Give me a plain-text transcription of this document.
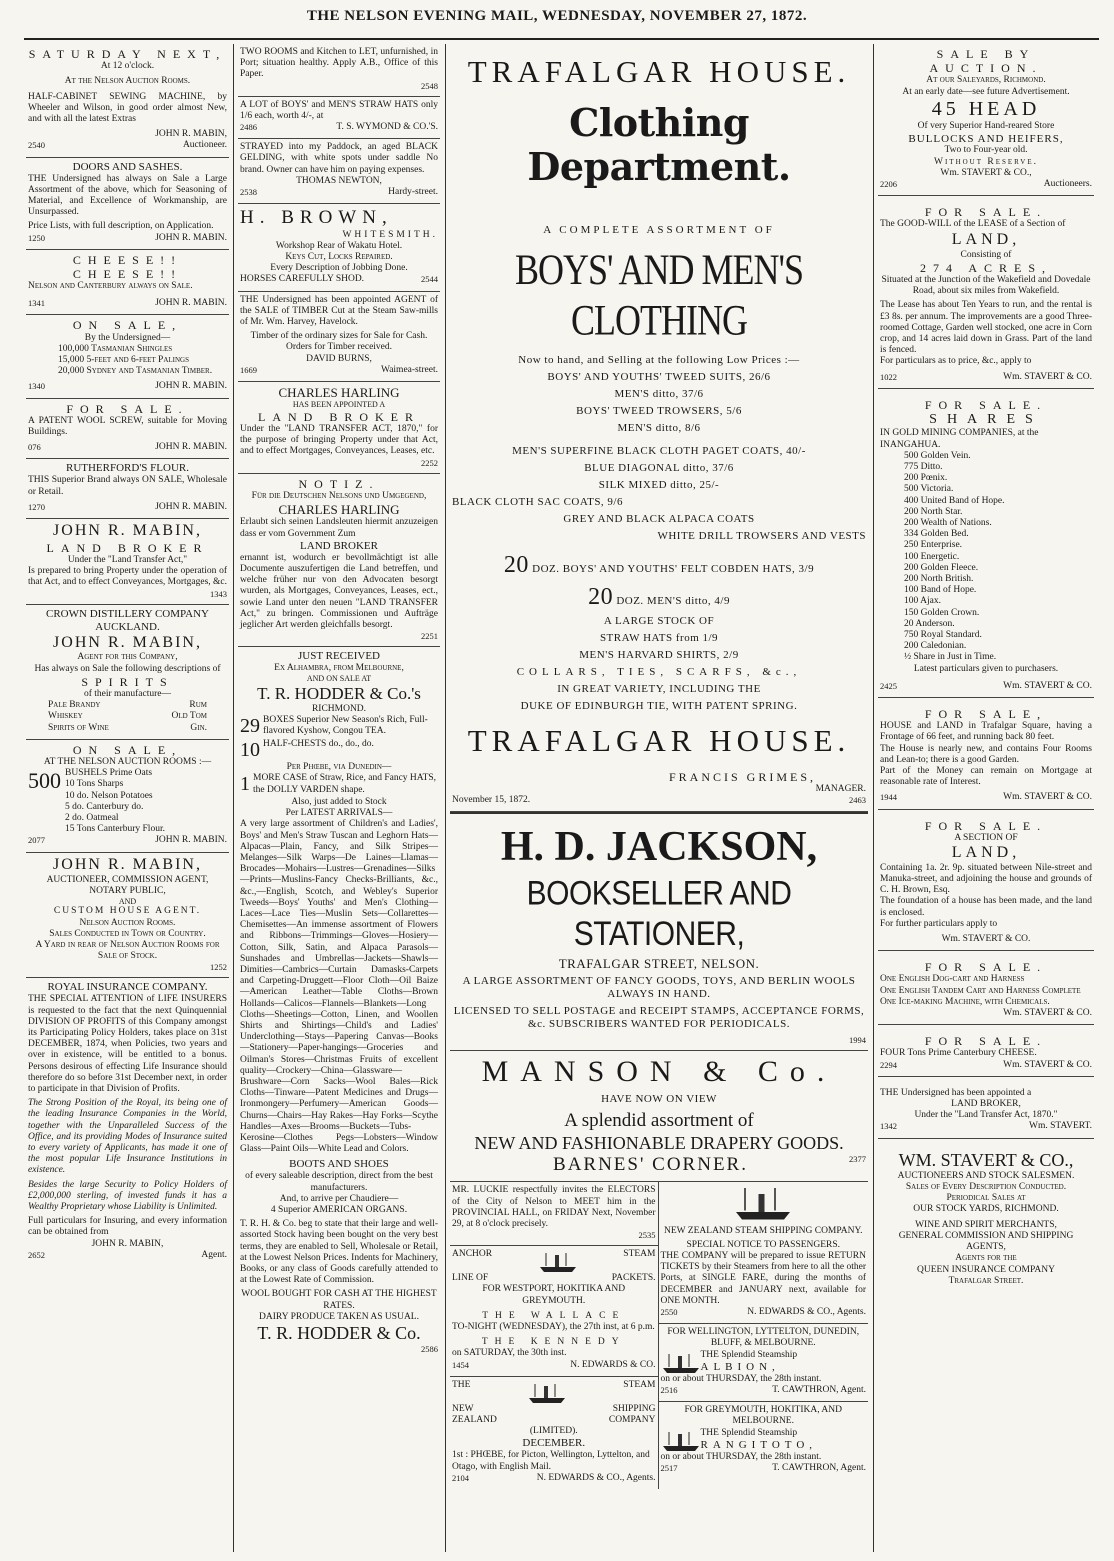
THE NELSON EVENING MAIL, WEDNESDAY, NOVEMBER 27, 1872.
SATURDAY NEXT,
At 12 o'clock.
At the Nelson Auction Rooms.
HALF-CABINET SEWING MACHINE, by Wheeler and Wilson, in good order almost New, and with all the latest Extras
JOHN R. MABIN,
2540	Auctioneer.
DOORS AND SASHES.
THE Undersigned has always on Sale a Large Assortment of the above, which for Seasoning of Material, and Excellence of Workmanship, are Unsurpassed.
Price Lists, with full description, on Application.
1250	JOHN R. MABIN.
CHEESE!! CHEESE!!
Nelson and Canterbury always on Sale.
1341	JOHN R. MABIN.
ON SALE,
By the Undersigned—
100,000 Tasmanian Shingles
15,000 5-feet and 6-feet Palings
20,000 Sydney and Tasmanian Timber.
1340	JOHN R. MABIN.
FOR SALE.
A PATENT WOOL SCREW, suitable for Moving Buildings.
076	JOHN R. MABIN.
RUTHERFORD'S FLOUR.
THIS Superior Brand always ON SALE, Wholesale or Retail.
1270	JOHN R. MABIN.
JOHN R. MABIN,
LAND BROKER
Under the "Land Transfer Act,"
Is prepared to bring Property under the operation of that Act, and to effect Conveyances, Mortgages, &c.
1343
CROWN DISTILLERY COMPANY AUCKLAND.
JOHN R. MABIN,
Agent for this Company,
Has always on Sale the following descriptions of
SPIRITS
of their manufacture—
Pale Brandy	Rum
Whiskey	Old Tom
Spirits of Wine	Gin.
ON SALE,
AT THE NELSON AUCTION ROOMS :—
500 BUSHELS Prime Oats
10 Tons Sharps
10 do. Nelson Potatoes
5 do. Canterbury do.
2 do. Oatmeal
15 Tons Canterbury Flour.
2077	JOHN R. MABIN.
JOHN R. MABIN,
AUCTIONEER, COMMISSION AGENT,
NOTARY PUBLIC,
AND
CUSTOM HOUSE AGENT.
Nelson Auction Rooms.
Sales Conducted in Town or Country.
A Yard in rear of Nelson Auction Rooms for Sale of Stock.
1252
ROYAL INSURANCE COMPANY.
THE SPECIAL ATTENTION of LIFE INSURERS is requested to the fact that the next Quinquennial DIVISION OF PROFITS of this Company amongst its Participating Policy Holders, takes place on 31st DECEMBER, 1874, when Policies, two years and over in existence, will be entitled to a bonus. Persons desirous of effecting Life Insurance should therefore do so before 31st December next, in order to participate in that Division of Profits.
The Strong Position of the Royal, its being one of the leading Insurance Companies in the World, together with the Unparalleled Success of the Office, and its providing Modes of Insurance suited to every variety of Applicants, has made it one of the most popular Life Insurance Institutions in existence.
Besides the large Security to Policy Holders of £2,000,000 sterling, of invested funds it has a Wealthy Proprietary whose Liability is Unlimited.
Full particulars for Insuring, and every information can be obtained from
JOHN R. MABIN,
2652	Agent.
TWO ROOMS and Kitchen to LET, unfurnished, in Port; situation healthy. Apply A.B., Office of this Paper.
2548
A LOT of BOYS' and MEN'S STRAW HATS only 1/6 each, worth 4/-, at
2486	T. S. WYMOND & CO.'S.
STRAYED into my Paddock, an aged BLACK GELDING, with white spots under saddle No brand. Owner can have him on paying expenses.
THOMAS NEWTON,
2538	Hardy-street.
H. BROWN,
WHITESMITH.
Workshop Rear of Wakatu Hotel.
Keys Cut, Locks Repaired.
Every Description of Jobbing Done.
HORSES CAREFULLY SHOD.	2544
THE Undersigned has been appointed AGENT of the SALE of TIMBER Cut at the Steam Saw-mills of Mr. Wm. Harvey, Havelock.
Timber of the ordinary sizes for Sale for Cash. Orders for Timber received.
DAVID BURNS,
1669	Waimea-street.
CHARLES HARLING
HAS BEEN APPOINTED A
LAND BROKER
Under the "LAND TRANSFER ACT, 1870," for the purpose of bringing Property under that Act, and to effect Mortgages, Conveyances, Leases, etc.
2252
NOTIZ.
Für die Deutschen Nelsons und Umgegend,
CHARLES HARLING
Erlaubt sich seinen Landsleuten hiermit anzuzeigen dass er vom Government Zum
LAND BROKER
ernannt ist, wodurch er bevollmächtigt ist alle Documente auszufertigen die Land betreffen, und welche früher nur von den Advocaten besorgt wurden, als Mortgages, Conveyances, Leases, ect., sowie Land unter den neuen "LAND TRANSFER Act," zu bringen. Commissionen und Aufträge jeglicher Art werden gleichfalls besorgt.
2251
JUST RECEIVED
Ex Alhambra, from Melbourne,
AND ON SALE AT
T. R. HODDER & Co.'s
RICHMOND.
29 BOXES Superior New Season's Rich, Full-flavored Kyshow, Congou TEA.
10 HALF-CHESTS do., do., do.
Per Phœbe, via Dunedin—
1 MORE CASE of Straw, Rice, and Fancy HATS, the DOLLY VARDEN shape.
Also, just added to Stock
Per LATEST ARRIVALS—
A very large assortment of Children's and Ladies', Boys' and Men's Straw Tuscan and Leghorn Hats—Alpacas—Plain, Fancy, and Silk Stripes—Melanges—Silk Warps—De Laines—Llamas—Brocades—Mohairs—Lustres—Grenadines—Silks—Prints—Muslins-Fancy Checks-Brilliants, &c., &c.,—English, Scotch, and Webley's Superior Tweeds—Boys' Youths' and Men's Clothing—Laces—Lace Ties—Muslin Sets—Collarettes—Chemisettes—An immense assortment of Flowers and Ribbons—Trimmings—Gloves—Hosiery—Cotton, Silk, Satin, and Alpaca Parasols—Sunshades and Umbrellas—Jackets—Shawls—Dimities—Cambrics—Curtain Damasks-Carpets and Carpeting-Druggett—Floor Cloth—Oil Baize—American Leather—Table Cloths—Brown Hollands—Calicos—Flannels—Blankets—Long Cloths—Sheetings—Cotton, Linen, and Woollen Shirts and Shirtings—Child's and Ladies' Underclothing—Stays—Papering Canvas—Books—Stationery—Paper-hangings—Groceries and Oilman's Stores—Christmas Fruits of excellent quality—Crockery—China—Glassware—Brushware—Corn Sacks—Wool Bales—Rick Cloths—Tinware—Patent Medicines and Drugs—Ironmongery—Perfumery—American Goods—Churns—Chairs—Hay Rakes—Hay Forks—Scythe Handles—Axes—Brooms—Buckets—Tubs-Kerosine—Clothes Pegs—Lobsters—Window Glass—Paint Oils—White Lead and Colors.
BOOTS AND SHOES
of every saleable description, direct from the best manufacturers.
And, to arrive per Chaudiere—
4 Superior AMERICAN ORGANS.
T. R. H. & Co. beg to state that their large and well-assorted Stock having been bought on the very best terms, they are enabled to Sell, Wholesale or Retail, at the Lowest Nelson Prices. Indents for Machinery, Books, or any class of Goods carefully attended to at the Lowest Rate of Commission.
WOOL BOUGHT FOR CASH AT THE HIGHEST RATES.
DAIRY PRODUCE TAKEN AS USUAL.
T. R. HODDER & Co.
2586
TRAFALGAR HOUSE.
Clothing Department.
A COMPLETE ASSORTMENT OF
BOYS' AND MEN'S CLOTHING
Now to hand, and Selling at the following Low Prices :—
BOYS' AND YOUTHS' TWEED SUITS, 26/6
MEN'S ditto, 37/6
BOYS' TWEED TROWSERS, 5/6
MEN'S ditto, 8/6
MEN'S SUPERFINE BLACK CLOTH PAGET COATS, 40/-
BLUE DIAGONAL ditto, 37/6
SILK MIXED ditto, 25/-
BLACK CLOTH SAC COATS, 9/6
GREY AND BLACK ALPACA COATS
WHITE DRILL TROWSERS AND VESTS
20 DOZ. BOYS' AND YOUTHS' FELT COBDEN HATS, 3/9
20 DOZ. MEN'S ditto, 4/9
A LARGE STOCK OF
STRAW HATS from 1/9
MEN'S HARVARD SHIRTS, 2/9
COLLARS, TIES, SCARFS, &c.,
IN GREAT VARIETY, INCLUDING THE
DUKE OF EDINBURGH TIE, WITH PATENT SPRING.
TRAFALGAR HOUSE.
FRANCIS GRIMES,
MANAGER.
November 15, 1872.	2463
H. D. JACKSON,
BOOKSELLER AND STATIONER,
TRAFALGAR STREET, NELSON.
A LARGE ASSORTMENT OF FANCY GOODS, TOYS, AND BERLIN WOOLS ALWAYS IN HAND.
LICENSED TO SELL POSTAGE and RECEIPT STAMPS, ACCEPTANCE FORMS, &c. SUBSCRIBERS WANTED FOR PERIODICALS.
1994
MANSON & Co.
HAVE NOW ON VIEW
A splendid assortment of
NEW AND FASHIONABLE DRAPERY GOODS.
BARNES' CORNER.	2377
MR. LUCKIE respectfully invites the ELECTORS of the City of Nelson to MEET him in the PROVINCIAL HALL, on FRIDAY Next, November 29, at 8 o'clock precisely.
2535
ANCHOR	STEAM
LINE OF	PACKETS.
FOR WESTPORT, HOKITIKA AND GREYMOUTH.
THE WALLACE
TO-NIGHT (WEDNESDAY), the 27th inst, at 6 p.m.
THE KENNEDY
on SATURDAY, the 30th inst.
1454	N. EDWARDS & CO.
THE	STEAM
NEW	SHIPPING
ZEALAND	COMPANY
(LIMITED).
DECEMBER.
1st : PHŒBE, for Picton, Wellington, Lyttelton, and Otago, with English Mail.
2104	N. EDWARDS & CO., Agents.
NEW ZEALAND STEAM SHIPPING COMPANY.
SPECIAL NOTICE TO PASSENGERS.
THE COMPANY will be prepared to issue RETURN TICKETS by their Steamers from here to all the other Ports, at SINGLE FARE, during the months of DECEMBER and JANUARY next, available for ONE MONTH.
2550	N. EDWARDS & CO., Agents.
FOR WELLINGTON, LYTTELTON, DUNEDIN, BLUFF, & MELBOURNE.
THE Splendid Steamship
ALBION,
on or about THURSDAY, the 28th instant.
2516	T. CAWTHRON, Agent.
FOR GREYMOUTH, HOKITIKA, AND MELBOURNE.
THE Splendid Steamship
RANGITOTO,
on or about THURSDAY, the 28th instant.
2517	T. CAWTHRON, Agent.
SALE BY AUCTION.
At our Saleyards, Richmond.
At an early date—see future Advertisement.
45 HEAD
Of very Superior Hand-reared Store
BULLOCKS AND HEIFERS,
Two to Four-year old.
Without Reserve.
Wm. STAVERT & CO.,
2206	Auctioneers.
FOR SALE.
The GOOD-WILL of the LEASE of a Section of
LAND,
Consisting of
274 ACRES,
Situated at the Junction of the Wakefield and Dovedale Road, about six miles from Wakefield.
The Lease has about Ten Years to run, and the rental is £3 8s. per annum. The improvements are a good Three-roomed Cottage, Garden well stocked, one acre in Corn crop, and 14 acres laid down in Grass. Part of the land is fenced.
For particulars as to price, &c., apply to
1022	Wm. STAVERT & CO.
FOR SALE.
SHARES
IN GOLD MINING COMPANIES, at the INANGAHUA.
500 Golden Vein.
775 Ditto.
200 Pœnix.
500 Victoria.
400 United Band of Hope.
200 North Star.
200 Wealth of Nations.
334 Golden Bed.
250 Enterprise.
100 Energetic.
200 Golden Fleece.
200 North British.
100 Band of Hope.
100 Ajax.
150 Golden Crown.
20 Anderson.
750 Royal Standard.
200 Caledonian.
½ Share in Just in Time.
Latest particulars given to purchasers.
2425	Wm. STAVERT & CO.
FOR SALE,
HOUSE and LAND in Trafalgar Square, having a Frontage of 66 feet, and running back 80 feet.
The House is nearly new, and contains Four Rooms and Lean-to; there is a good Garden.
Part of the Money can remain on Mortgage at reasonable rate of Interest.
1944	Wm. STAVERT & CO.
FOR SALE.
A SECTION OF
LAND,
Containing 1a. 2r. 9p. situated between Nile-street and Manuka-street, and adjoining the house and grounds of C. H. Brown, Esq.
The foundation of a house has been made, and the land is enclosed.
For further particulars apply to
Wm. STAVERT & CO.
FOR SALE.
One English Dog-cart and Harness
One English Tandem Cart and Harness Complete
One Ice-making Machine, with Chemicals.
Wm. STAVERT & CO.
FOR SALE.
FOUR Tons Prime Canterbury CHEESE.
2294	Wm. STAVERT & CO.
THE Undersigned has been appointed a
LAND BROKER,
Under the "Land Transfer Act, 1870."
1342	Wm. STAVERT.
WM. STAVERT & CO.,
AUCTIONEERS AND STOCK SALESMEN.
Sales of Every Description Conducted.
Periodical Sales at
OUR STOCK YARDS, RICHMOND.
WINE AND SPIRIT MERCHANTS,
GENERAL COMMISSION AND SHIPPING AGENTS,
Agents for the
QUEEN INSURANCE COMPANY
Trafalgar Street.
